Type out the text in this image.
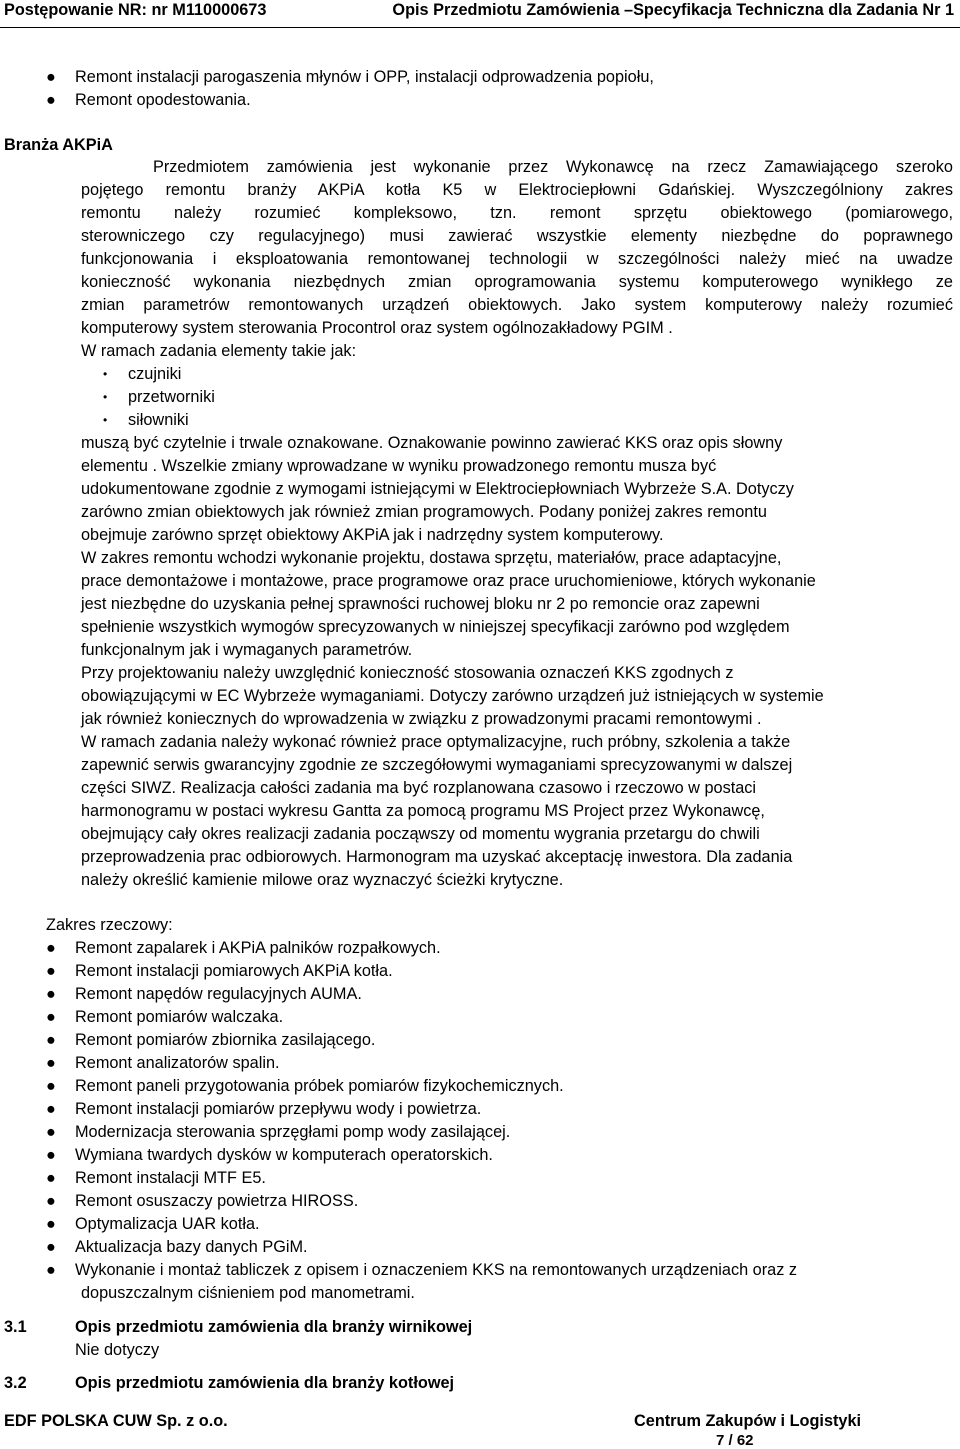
Postępowanie NR: nr M110000673	Opis Przedmiotu Zamówienia –Specyfikacja Techniczna dla Zadania Nr 1
● Remont instalacji parogaszenia młynów i OPP, instalacji odprowadzenia popiołu,
● Remont opodestowania.
Branża AKPiA
Przedmiotem zamówienia jest wykonanie przez Wykonawcę na rzecz Zamawiającego szeroko
pojętego remontu branży AKPiA kotła K5 w Elektrociepłowni Gdańskiej. Wyszczególniony zakres
remontu należy rozumieć kompleksowo, tzn. remont sprzętu obiektowego (pomiarowego,
sterowniczego czy regulacyjnego) musi zawierać wszystkie elementy niezbędne do poprawnego
funkcjonowania i eksploatowania remontowanej technologii w szczególności należy mieć na uwadze
konieczność wykonania niezbędnych zmian oprogramowania systemu komputerowego wynikłego ze
zmian parametrów remontowanych urządzeń obiektowych. Jako system komputerowy należy rozumieć
komputerowy system sterowania Procontrol oraz system ogólnozakładowy PGIM .
W ramach zadania elementy takie jak:
• czujniki
• przetworniki
• siłowniki
muszą być czytelnie i trwale oznakowane. Oznakowanie powinno zawierać KKS oraz opis słowny
elementu . Wszelkie zmiany wprowadzane w wyniku prowadzonego remontu musza być
udokumentowane zgodnie z wymogami istniejącymi w Elektrociepłowniach Wybrzeże S.A. Dotyczy
zarówno zmian obiektowych jak również zmian programowych. Podany poniżej zakres remontu
obejmuje zarówno sprzęt obiektowy AKPiA jak i nadrzędny system komputerowy.
W zakres remontu wchodzi wykonanie projektu, dostawa sprzętu, materiałów, prace adaptacyjne,
prace demontażowe i montażowe, prace programowe oraz prace uruchomieniowe, których wykonanie
jest niezbędne do uzyskania pełnej sprawności ruchowej bloku nr 2 po remoncie oraz zapewni
spełnienie wszystkich wymogów sprecyzowanych w niniejszej specyfikacji zarówno pod względem
funkcjonalnym jak i wymaganych parametrów.
Przy projektowaniu należy uwzględnić konieczność stosowania oznaczeń KKS zgodnych z
obowiązującymi w EC Wybrzeże wymaganiami. Dotyczy zarówno urządzeń już istniejących w systemie
jak również koniecznych do wprowadzenia w związku z prowadzonymi pracami remontowymi .
W ramach zadania należy wykonać również prace optymalizacyjne, ruch próbny, szkolenia a także
zapewnić serwis gwarancyjny zgodnie ze szczegółowymi wymaganiami sprecyzowanymi w dalszej
części SIWZ. Realizacja całości zadania ma być rozplanowana czasowo i rzeczowo w postaci
harmonogramu w postaci wykresu Gantta za pomocą programu MS Project przez Wykonawcę,
obejmujący cały okres realizacji zadania począwszy od momentu wygrania przetargu do chwili
przeprowadzenia prac odbiorowych. Harmonogram ma uzyskać akceptację inwestora. Dla zadania
należy określić kamienie milowe oraz wyznaczyć ścieżki krytyczne.
Zakres rzeczowy:
● Remont zapalarek i AKPiA palników rozpałkowych.
● Remont instalacji pomiarowych AKPiA kotła.
● Remont napędów regulacyjnych AUMA.
● Remont pomiarów walczaka.
● Remont pomiarów zbiornika zasilającego.
● Remont analizatorów spalin.
● Remont paneli przygotowania próbek pomiarów fizykochemicznych.
● Remont instalacji pomiarów przepływu wody i powietrza.
● Modernizacja sterowania sprzęgłami pomp wody zasilającej.
● Wymiana twardych dysków w komputerach operatorskich.
● Remont instalacji MTF E5.
● Remont osuszaczy powietrza HIROSS.
● Optymalizacja UAR kotła.
● Aktualizacja bazy danych PGiM.
● Wykonanie i montaż tabliczek z opisem i oznaczeniem KKS na remontowanych urządzeniach oraz z
dopuszczalnym ciśnieniem pod manometrami.
3.1	Opis przedmiotu zamówienia dla branży wirnikowej
Nie dotyczy
3.2	Opis przedmiotu zamówienia dla branży kotłowej
EDF POLSKA CUW Sp. z o.o.	Centrum Zakupów i Logistyki
7 / 62
